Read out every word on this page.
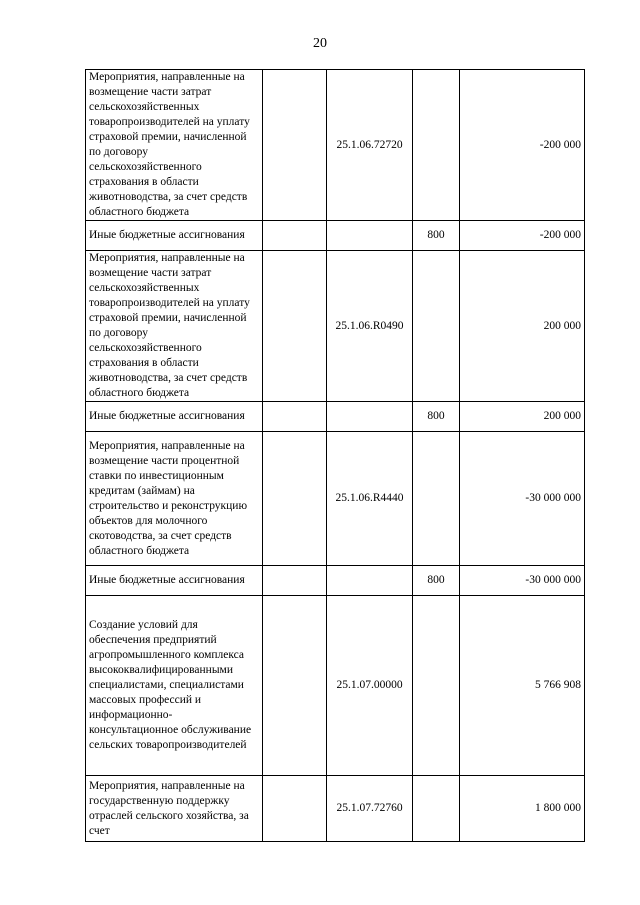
20
Мероприятия, направленные на возмещение части затрат сельскохозяйственных товаропроизводителей на уплату страховой премии, начисленной по договору сельскохозяйственного страхования в области животноводства, за счет средств областного бюджета		25.1.06.72720		-200 000
Иные бюджетные ассигнования			800	-200 000
Мероприятия, направленные на возмещение части затрат сельскохозяйственных товаропроизводителей на уплату страховой премии, начисленной по договору сельскохозяйственного страхования в области животноводства, за счет средств областного бюджета		25.1.06.R0490		200 000
Иные бюджетные ассигнования			800	200 000
Мероприятия, направленные на возмещение части процентной ставки по инвестиционным кредитам (займам) на строительство и реконструкцию объектов для молочного скотоводства, за счет средств областного бюджета		25.1.06.R4440		-30 000 000
Иные бюджетные ассигнования			800	-30 000 000
Создание условий для обеспечения предприятий агропромышленного комплекса высококвалифицированными специалистами, специалистами массовых профессий и информационно-консультационное обслуживание сельских товаропроизводителей		25.1.07.00000		5 766 908
Мероприятия, направленные на государственную поддержку отраслей сельского хозяйства, за счет		25.1.07.72760		1 800 000
